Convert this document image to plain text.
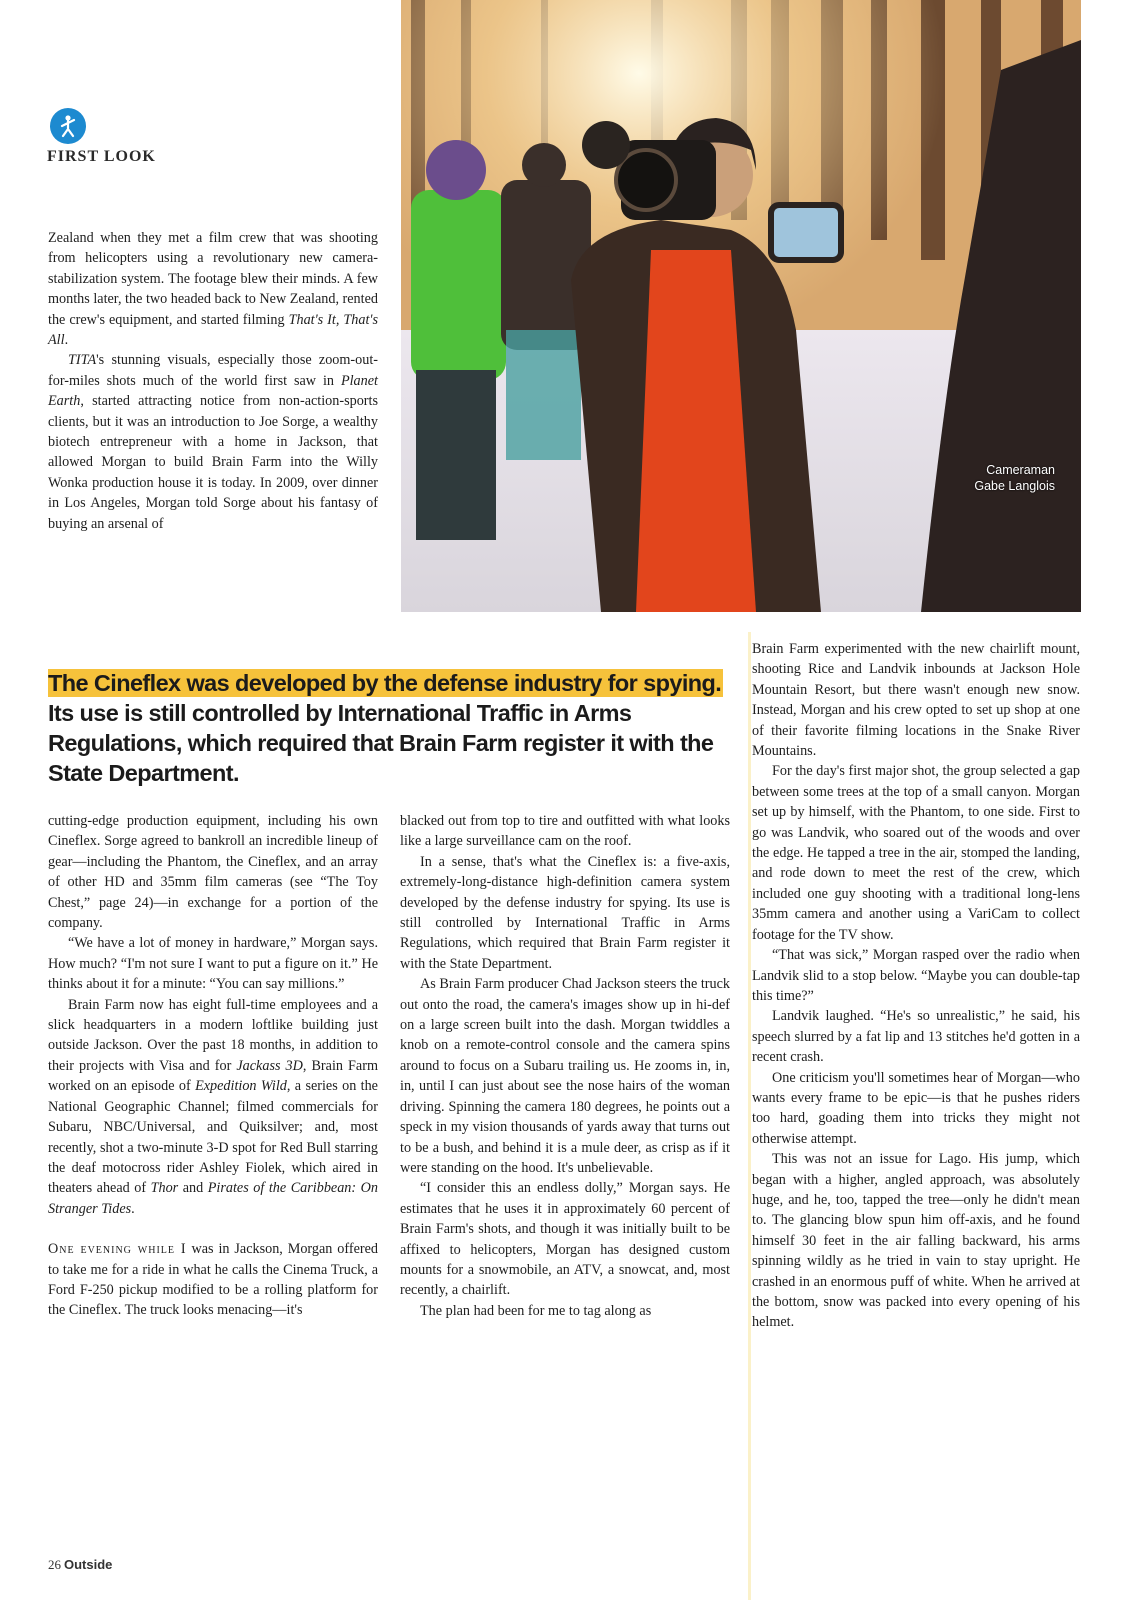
FIRST LOOK
Cameraman
Gabe Langlois

Zealand when they met a film crew that was shooting from helicopters using a revolutionary new camera-stabilization system. The footage blew their minds. A few months later, the two headed back to New Zealand, rented the crew's equipment, and started filming That's It, That's All.

TITA's stunning visuals, especially those zoom-out-for-miles shots much of the world first saw in Planet Earth, started attracting notice from non-action-sports clients, but it was an introduction to Joe Sorge, a wealthy biotech entrepreneur with a home in Jackson, that allowed Morgan to build Brain Farm into the Willy Wonka production house it is today. In 2009, over dinner in Los Angeles, Morgan told Sorge about his fantasy of buying an arsenal of

The Cineflex was developed by the defense industry for spying. Its use is still controlled by International Traffic in Arms Regulations, which required that Brain Farm register it with the State Department.

cutting-edge production equipment, including his own Cineflex. Sorge agreed to bankroll an incredible lineup of gear—including the Phantom, the Cineflex, and an array of other HD and 35mm film cameras (see “The Toy Chest,” page 24)—in exchange for a portion of the company.

“We have a lot of money in hardware,” Morgan says. How much? “I'm not sure I want to put a figure on it.” He thinks about it for a minute: “You can say millions.”

Brain Farm now has eight full-time employees and a slick headquarters in a modern loftlike building just outside Jackson. Over the past 18 months, in addition to their projects with Visa and for Jackass 3D, Brain Farm worked on an episode of Expedition Wild, a series on the National Geographic Channel; filmed commercials for Subaru, NBC/Universal, and Quiksilver; and, most recently, shot a two-minute 3-D spot for Red Bull starring the deaf motocross rider Ashley Fiolek, which aired in theaters ahead of Thor and Pirates of the Caribbean: On Stranger Tides.

One evening while I was in Jackson, Morgan offered to take me for a ride in what he calls the Cinema Truck, a Ford F-250 pickup modified to be a rolling platform for the Cineflex. The truck looks menacing—it's

blacked out from top to tire and outfitted with what looks like a large surveillance cam on the roof.

In a sense, that's what the Cineflex is: a five-axis, extremely-long-distance high-definition camera system developed by the defense industry for spying. Its use is still controlled by International Traffic in Arms Regulations, which required that Brain Farm register it with the State Department.

As Brain Farm producer Chad Jackson steers the truck out onto the road, the camera's images show up in hi-def on a large screen built into the dash. Morgan twiddles a knob on a remote-control console and the camera spins around to focus on a Subaru trailing us. He zooms in, in, in, until I can just about see the nose hairs of the woman driving. Spinning the camera 180 degrees, he points out a speck in my vision thousands of yards away that turns out to be a bush, and behind it is a mule deer, as crisp as if it were standing on the hood. It's unbelievable.

“I consider this an endless dolly,” Morgan says. He estimates that he uses it in approximately 60 percent of Brain Farm's shots, and though it was initially built to be affixed to helicopters, Morgan has designed custom mounts for a snowmobile, an ATV, a snowcat, and, most recently, a chairlift.

The plan had been for me to tag along as

Brain Farm experimented with the new chairlift mount, shooting Rice and Landvik inbounds at Jackson Hole Mountain Resort, but there wasn't enough new snow. Instead, Morgan and his crew opted to set up shop at one of their favorite filming locations in the Snake River Mountains.

For the day's first major shot, the group selected a gap between some trees at the top of a small canyon. Morgan set up by himself, with the Phantom, to one side. First to go was Landvik, who soared out of the woods and over the edge. He tapped a tree in the air, stomped the landing, and rode down to meet the rest of the crew, which included one guy shooting with a traditional long-lens 35mm camera and another using a VariCam to collect footage for the TV show.

“That was sick,” Morgan rasped over the radio when Landvik slid to a stop below. “Maybe you can double-tap this time?”

Landvik laughed. “He's so unrealistic,” he said, his speech slurred by a fat lip and 13 stitches he'd gotten in a recent crash.

One criticism you'll sometimes hear of Morgan—who wants every frame to be epic—is that he pushes riders too hard, goading them into tricks they might not otherwise attempt.

This was not an issue for Lago. His jump, which began with a higher, angled approach, was absolutely huge, and he, too, tapped the tree—only he didn't mean to. The glancing blow spun him off-axis, and he found himself 30 feet in the air falling backward, his arms spinning wildly as he tried in vain to stay upright. He crashed in an enormous puff of white. When he arrived at the bottom, snow was packed into every opening of his helmet.

26 Outside
